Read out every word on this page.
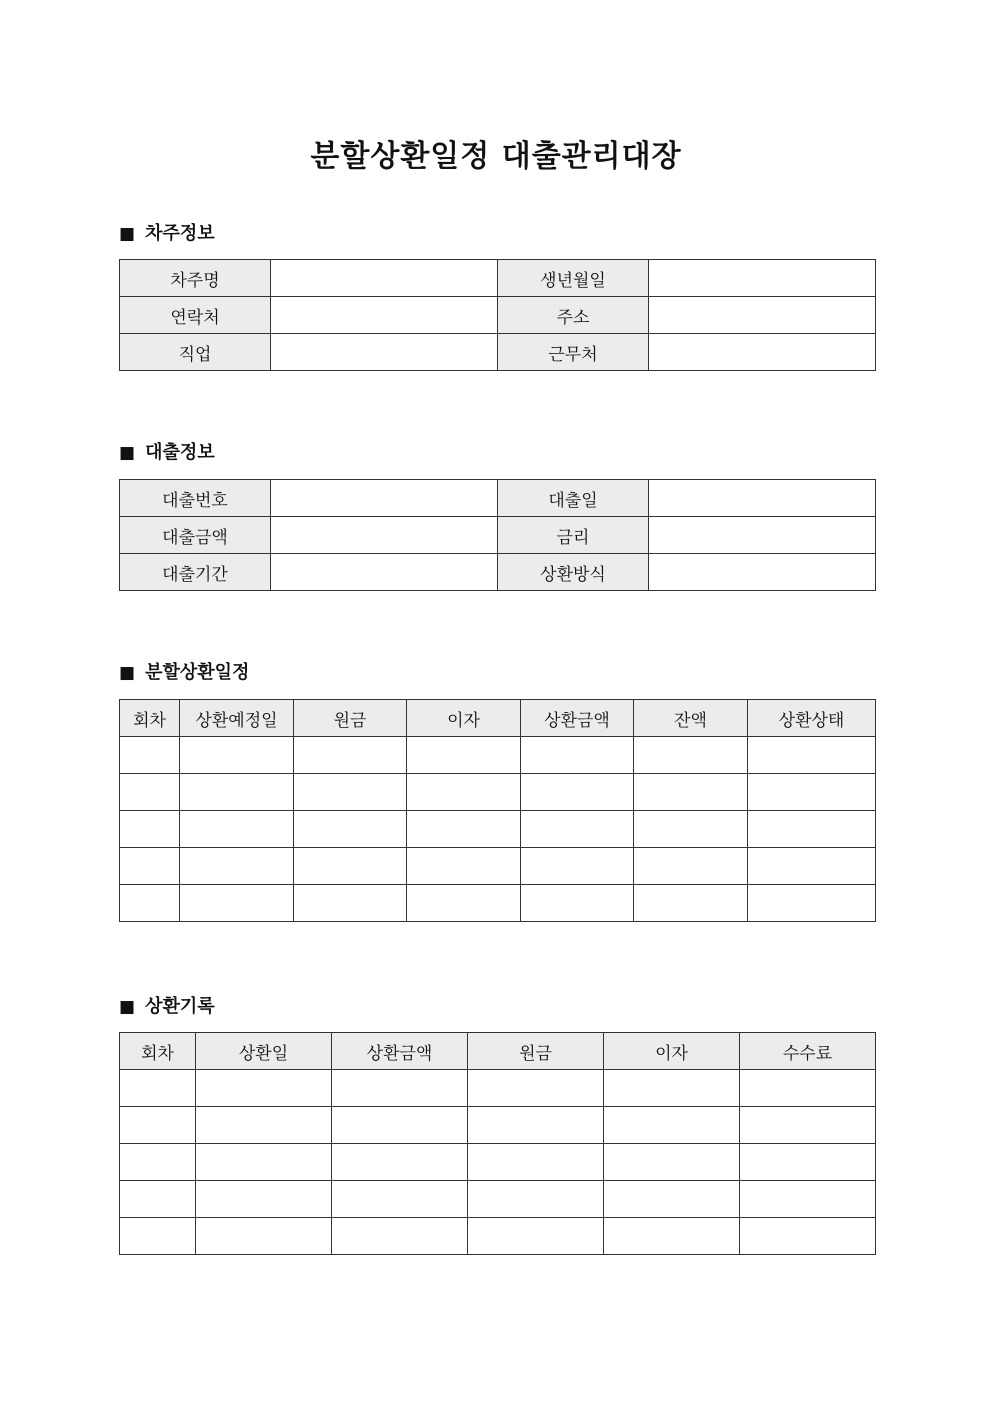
분할상환일정 대출관리대장
■ 차주정보
차주명		생년월일	
연락처		주소	
직업		근무처	
■ 대출정보
대출번호		대출일	
대출금액		금리	
대출기간		상환방식	
■ 분할상환일정
회차	상환예정일	원금	이자	상환금액	잔액	상환상태

■ 상환기록
회차	상환일	상환금액	원금	이자	수수료
